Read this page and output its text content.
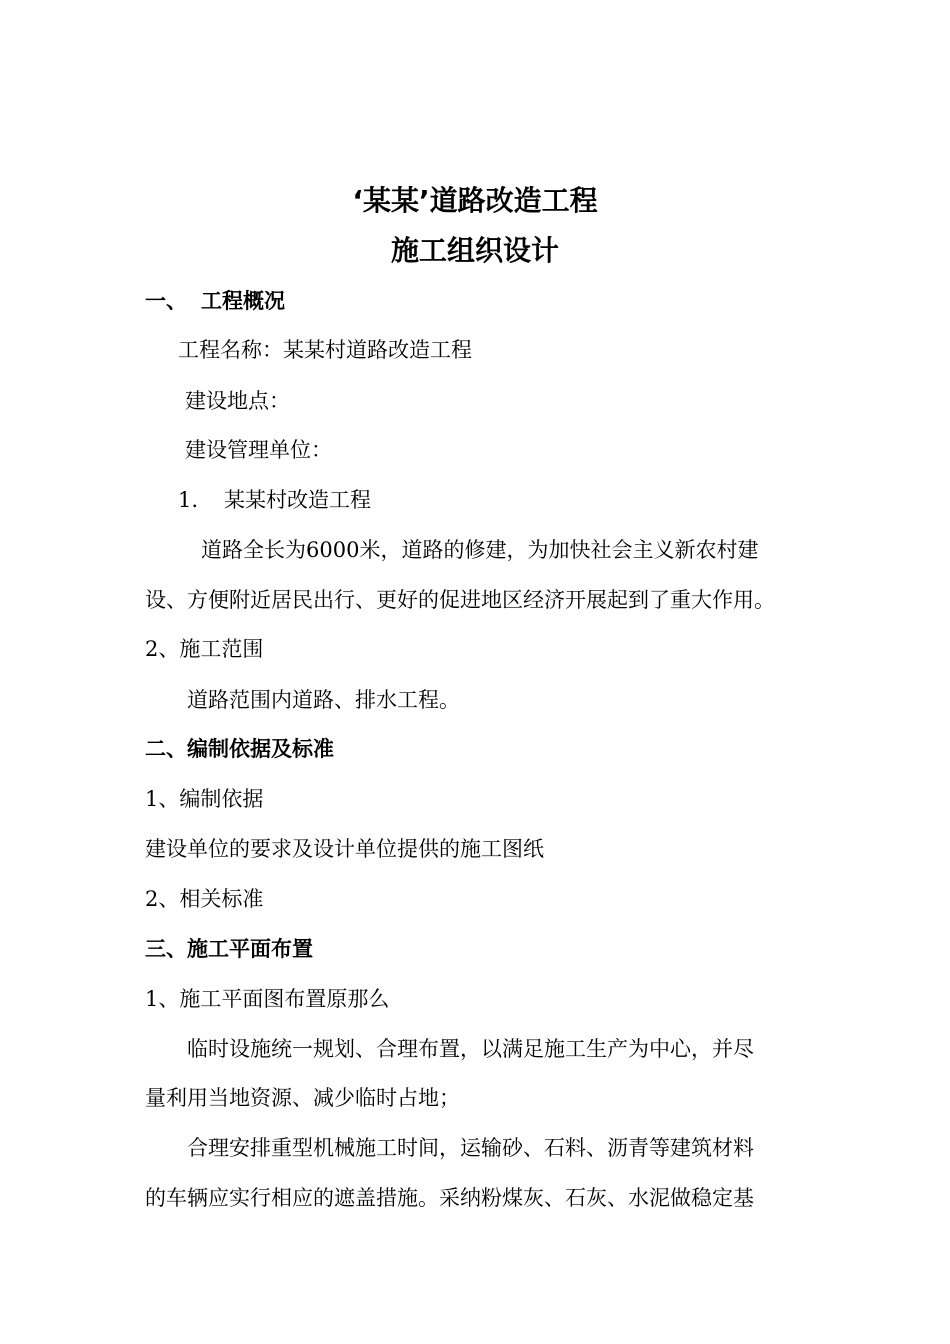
‘某某’道路改造工程
施工组织设计
一、 工程概况
工程名称：某某村道路改造工程
建设地点：
建设管理单位：
1. 某某村改造工程
道路全长为6000米，道路的修建，为加快社会主义新农村建
设、方便附近居民出行、更好的促进地区经济开展起到了重大作用。
2、施工范围
道路范围内道路、排水工程。
二、编制依据及标准
1、编制依据
建设单位的要求及设计单位提供的施工图纸
2、相关标准
三、施工平面布置
1、施工平面图布置原那么
临时设施统一规划、合理布置，以满足施工生产为中心，并尽
量利用当地资源、减少临时占地；
合理安排重型机械施工时间，运输砂、石料、沥青等建筑材料
的车辆应实行相应的遮盖措施。采纳粉煤灰、石灰、水泥做稳定基
